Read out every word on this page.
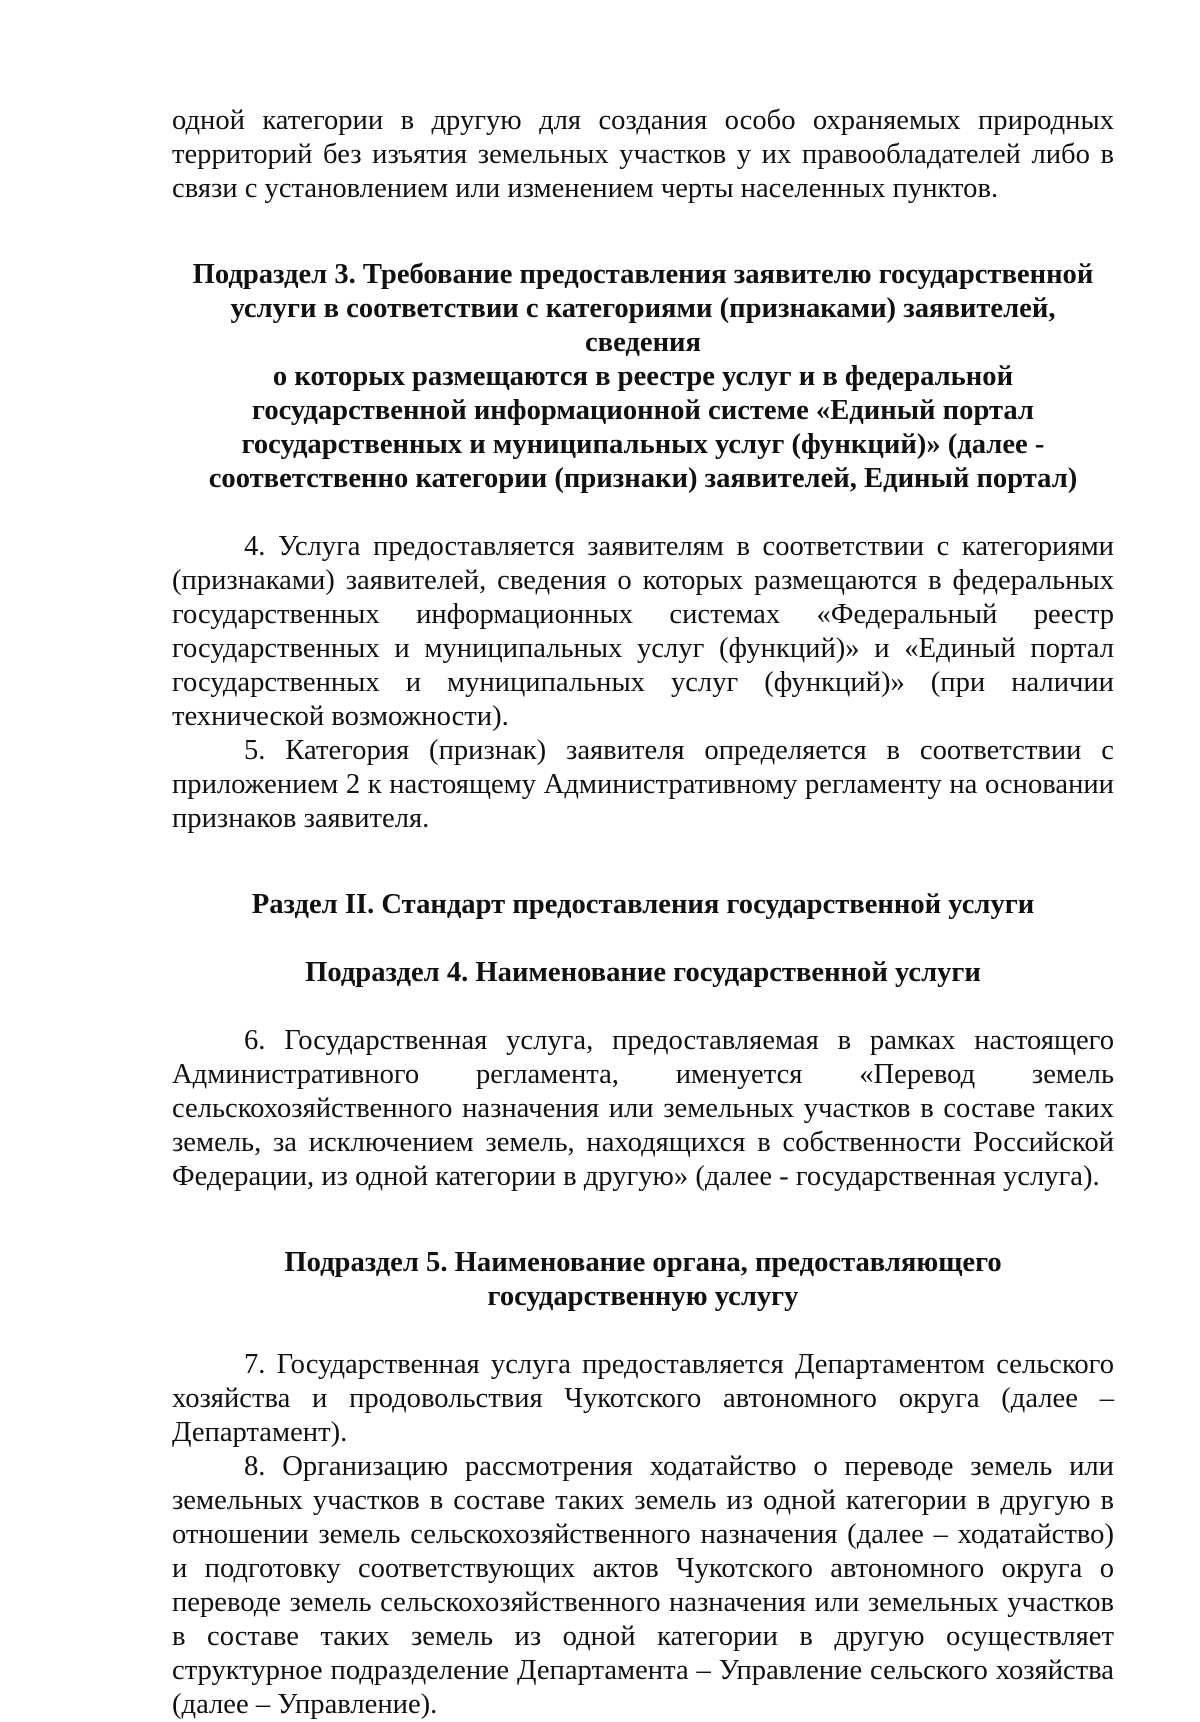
одной категории в другую для создания особо охраняемых природных территорий без изъятия земельных участков у их правообладателей либо в связи с установлением или изменением черты населенных пунктов.

Подраздел 3. Требование предоставления заявителю государственной
услуги в соответствии с категориями (признаками) заявителей, сведения
о которых размещаются в реестре услуг и в федеральной
государственной информационной системе «Единый портал
государственных и муниципальных услуг (функций)» (далее -
соответственно категории (признаки) заявителей, Единый портал)

4. Услуга предоставляется заявителям в соответствии с категориями (признаками) заявителей, сведения о которых размещаются в федеральных государственных информационных системах «Федеральный реестр государственных и муниципальных услуг (функций)» и «Единый портал государственных и муниципальных услуг (функций)» (при наличии технической возможности).

5. Категория (признак) заявителя определяется в соответствии с приложением 2 к настоящему Административному регламенту на основании признаков заявителя.

Раздел II. Стандарт предоставления государственной услуги
Подраздел 4. Наименование государственной услуги

6. Государственная услуга, предоставляемая в рамках настоящего Административного регламента, именуется «Перевод земель сельскохозяйственного назначения или земельных участков в составе таких земель, за исключением земель, находящихся в собственности Российской Федерации, из одной категории в другую» (далее - государственная услуга).

Подраздел 5. Наименование органа, предоставляющего
государственную услугу

7. Государственная услуга предоставляется Департаментом сельского хозяйства и продовольствия Чукотского автономного округа (далее – Департамент).

8. Организацию рассмотрения ходатайство о переводе земель или земельных участков в составе таких земель из одной категории в другую в отношении земель сельскохозяйственного назначения (далее – ходатайство) и подготовку соответствующих актов Чукотского автономного округа о переводе земель сельскохозяйственного назначения или земельных участков в составе таких земель из одной категории в другую осуществляет структурное подразделение Департамента – Управление сельского хозяйства (далее – Управление).
